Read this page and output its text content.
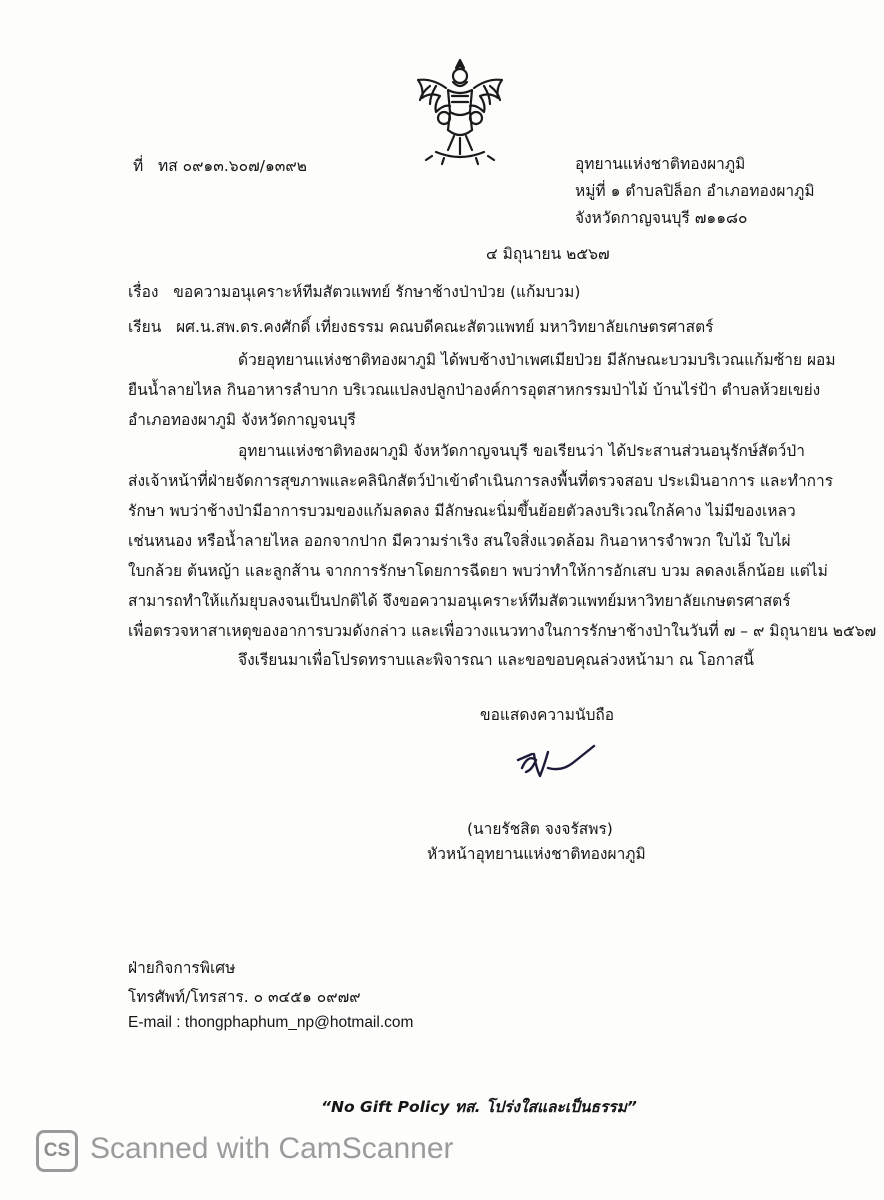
ที่ ทส ๐๙๑๓.๖๐๗/๑๓๙๒	อุทยานแห่งชาติทองผาภูมิ
หมู่ที่ ๑ ตำบลปิล็อก อำเภอทองผาภูมิ
จังหวัดกาญจนบุรี ๗๑๑๘๐
๔ มิถุนายน ๒๕๖๗
เรื่อง ขอความอนุเคราะห์ทีมสัตวแพทย์ รักษาช้างป่าป่วย (แก้มบวม)
เรียน ผศ.น.สพ.ดร.คงศักดิ์ เที่ยงธรรม คณบดีคณะสัตวแพทย์ มหาวิทยาลัยเกษตรศาสตร์
ด้วยอุทยานแห่งชาติทองผาภูมิ ได้พบช้างป่าเพศเมียป่วย มีลักษณะบวมบริเวณแก้มซ้าย ผอม
ยืนน้ำลายไหล กินอาหารลำบาก บริเวณแปลงปลูกป่าองค์การอุตสาหกรรมป่าไม้ บ้านไร่ป้า ตำบลห้วยเขย่ง
อำเภอทองผาภูมิ จังหวัดกาญจนบุรี
อุทยานแห่งชาติทองผาภูมิ จังหวัดกาญจนบุรี ขอเรียนว่า ได้ประสานส่วนอนุรักษ์สัตว์ป่า
ส่งเจ้าหน้าที่ฝ่ายจัดการสุขภาพและคลินิกสัตว์ป่าเข้าดำเนินการลงพื้นที่ตรวจสอบ ประเมินอาการ และทำการ
รักษา พบว่าช้างป่ามีอาการบวมของแก้มลดลง มีลักษณะนิ่มขึ้นย้อยตัวลงบริเวณใกล้คาง ไม่มีของเหลว
เช่นหนอง หรือน้ำลายไหล ออกจากปาก มีความร่าเริง สนใจสิ่งแวดล้อม กินอาหารจำพวก ใบไม้ ใบไผ่
ใบกล้วย ต้นหญ้า และลูกส้าน จากการรักษาโดยการฉีดยา พบว่าทำให้การอักเสบ บวม ลดลงเล็กน้อย แต่ไม่
สามารถทำให้แก้มยุบลงจนเป็นปกติได้ จึงขอความอนุเคราะห์ทีมสัตวแพทย์มหาวิทยาลัยเกษตรศาสตร์
เพื่อตรวจหาสาเหตุของอาการบวมดังกล่าว และเพื่อวางแนวทางในการรักษาช้างป่าในวันที่ ๗ – ๙ มิถุนายน ๒๕๖๗
จึงเรียนมาเพื่อโปรดทราบและพิจารณา และขอขอบคุณล่วงหน้ามา ณ โอกาสนี้
ขอแสดงความนับถือ
(นายรัชสิต จงจรัสพร)
หัวหน้าอุทยานแห่งชาติทองผาภูมิ
ฝ่ายกิจการพิเศษ
โทรศัพท์/โทรสาร. ๐ ๓๔๕๑ ๐๙๗๙
E-mail : thongphaphum_np@hotmail.com
“No Gift Policy ทส. โปร่งใสและเป็นธรรม”
CS Scanned with CamScanner
